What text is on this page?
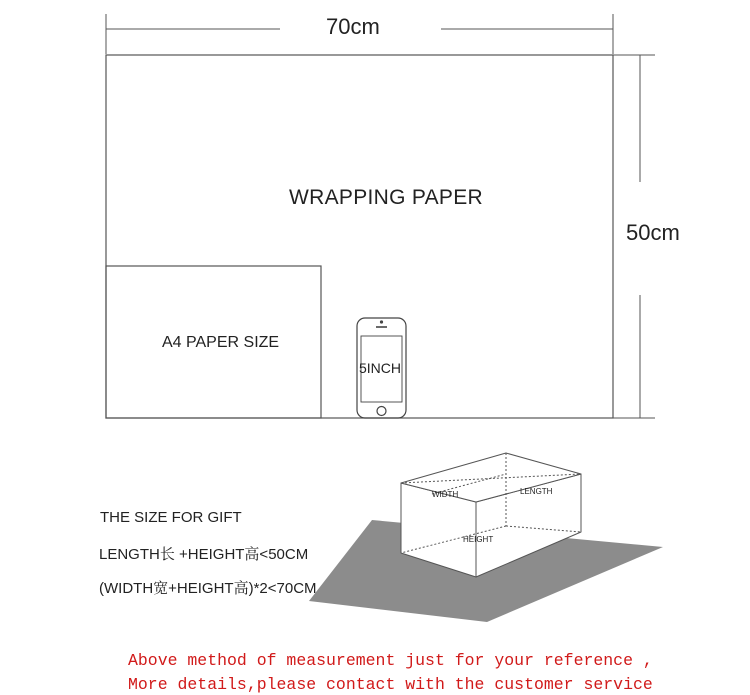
70cm
50cm
WRAPPING PAPER
A4 PAPER SIZE
5INCH
WIDTH	LENGTH
HEIGHT
THE SIZE FOR GIFT
LENGTH长 +HEIGHT高<50CM
(WIDTH宽+HEIGHT高)*2<70CM
Above method of measurement just for your reference ,
More details,please contact with the customer service
